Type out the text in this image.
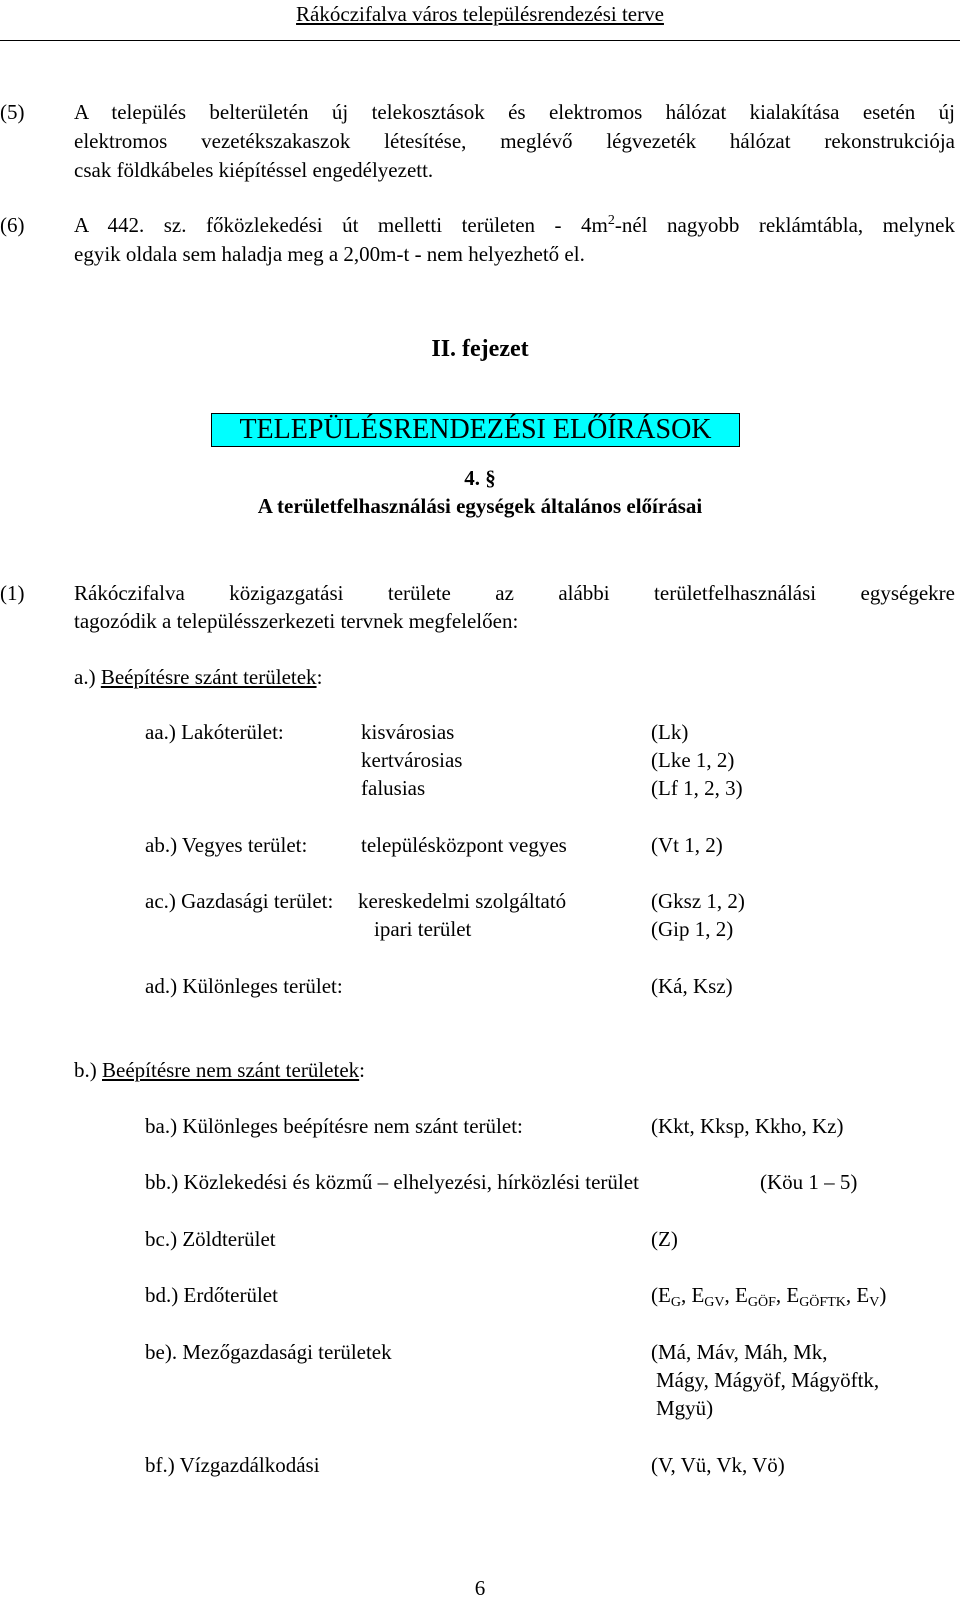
Rákóczifalva város településrendezési terve
(5) A település belterületén új telekosztások és elektromos hálózat kialakítása esetén új
elektromos vezetékszakaszok létesítése, meglévő légvezeték hálózat rekonstrukciója
csak földkábeles kiépítéssel engedélyezett.
(6) A 442. sz. főközlekedési út melletti területen - $4m^2$-nél nagyobb reklámtábla, melynek
egyik oldala sem haladja meg a 2,00m-t - nem helyezhető el.
II. fejezet
TELEPÜLÉSRENDEZÉSI ELŐÍRÁSOK
4. §
A területfelhasználási egységek általános előírásai
(1) Rákóczifalva közigazgatási területe az alábbi területfelhasználási egységekre
tagozódik a településszerkezeti tervnek megfelelően:
a.) Beépítésre szánt területek:
aa.) Lakóterület:	kisvárosias	(Lk)
kertvárosias	(Lke 1, 2)
falusias	(Lf 1, 2, 3)
ab.) Vegyes terület:	településközpont vegyes	(Vt 1, 2)
ac.) Gazdasági terület: kereskedelmi szolgáltató	(Gksz 1, 2)
ipari terület	(Gip 1, 2)
ad.) Különleges terület:	(Ká, Ksz)
b.) Beépítésre nem szánt területek:
ba.) Különleges beépítésre nem szánt terület:	(Kkt, Kksp, Kkho, Kz)
bb.) Közlekedési és közmű – elhelyezési, hírközlési terület	(Köu 1 – 5)
bc.) Zöldterület	(Z)
bd.) Erdőterület	($E_G$, $E_{GV}$, $E_{GÖF}$, $E_{GÖFTK}$, $E_V$)
be). Mezőgazdasági területek	(Má, Máv, Máh, Mk,
Mágy, Mágyöf, Mágyöftk,
Mgyü)
bf.) Vízgazdálkodási	(V, Vü, Vk, Vö)
6
